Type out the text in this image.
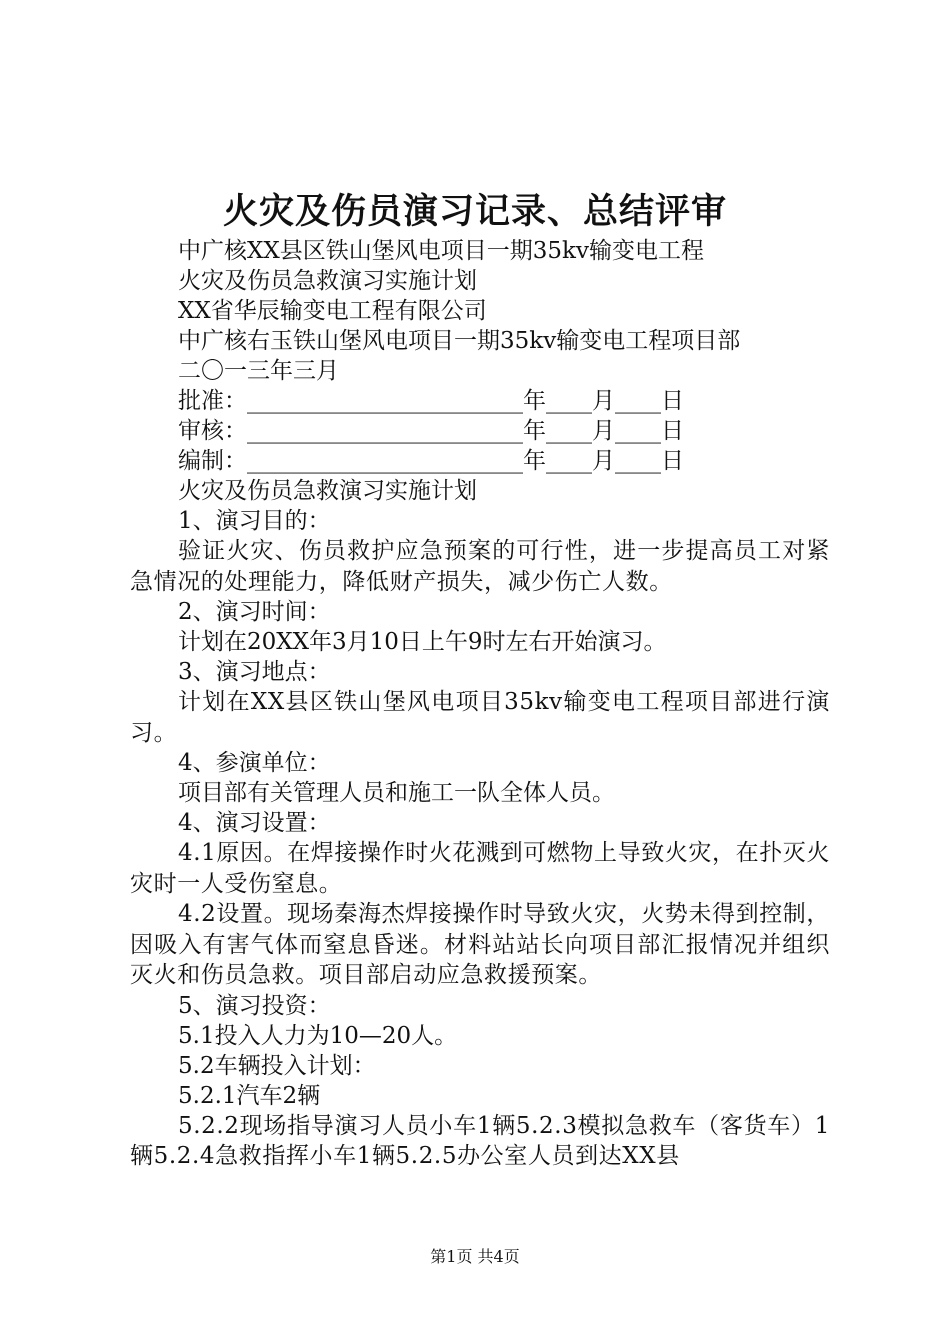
火灾及伤员演习记录、总结评审
中广核XX县区铁山堡风电项目一期35kv输变电工程
火灾及伤员急救演习实施计划
XX省华辰输变电工程有限公司
中广核右玉铁山堡风电项目一期35kv输变电工程项目部
二〇一三年三月
批准：________________________年____月____日
审核：________________________年____月____日
编制：________________________年____月____日
火灾及伤员急救演习实施计划
1、演习目的：

验证火灾、伤员救护应急预案的可行性，进一步提高员工对紧急情况的处理能力，降低财产损失，减少伤亡人数。

2、演习时间：
计划在20XX年3月10日上午9时左右开始演习。
3、演习地点：

计划在XX县区铁山堡风电项目35kv输变电工程项目部进行演习。

4、参演单位：
项目部有关管理人员和施工一队全体人员。
4、演习设置：

4.1原因。在焊接操作时火花溅到可燃物上导致火灾，在扑灭火灾时一人受伤窒息。

4.2设置。现场秦海杰焊接操作时导致火灾，火势未得到控制，因吸入有害气体而窒息昏迷。材料站站长向项目部汇报情况并组织灭火和伤员急救。项目部启动应急救援预案。

5、演习投资：
5.1投入人力为10—20人。
5.2车辆投入计划：
5.2.1汽车2辆

5.2.2现场指导演习人员小车1辆5.2.3模拟急救车（客货车）1辆5.2.4急救指挥小车1辆5.2.5办公室人员到达XX县

第1页 共4页
